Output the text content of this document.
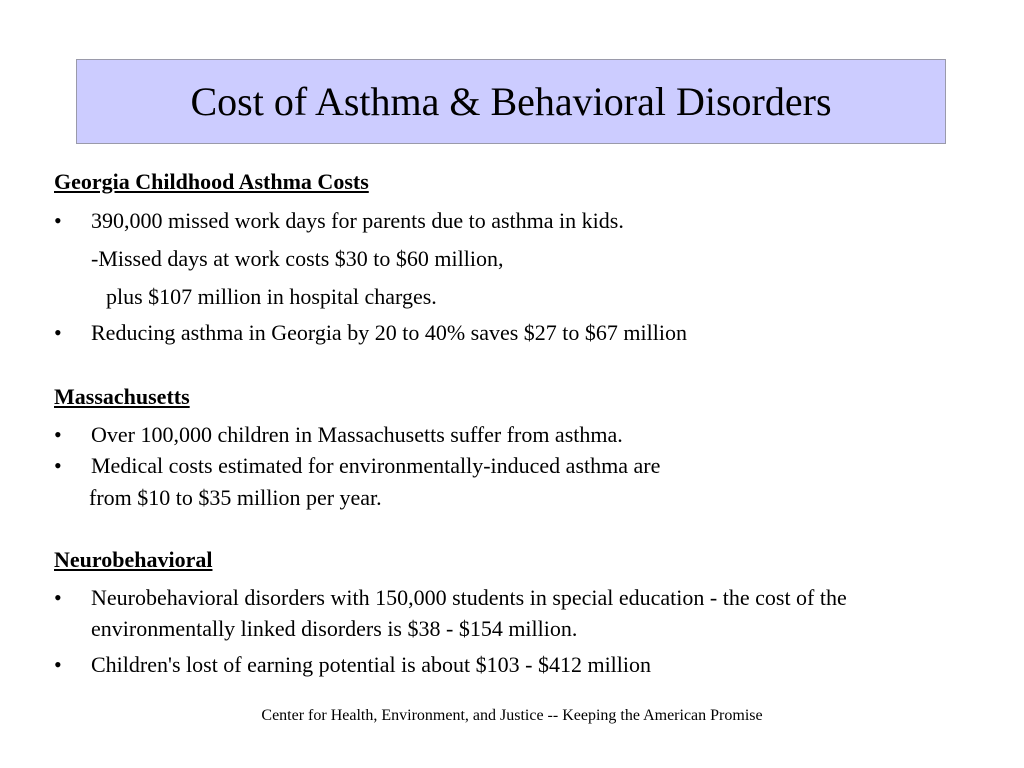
Cost of Asthma & Behavioral Disorders
Georgia Childhood Asthma Costs
• 390,000 missed work days for parents due to asthma in kids.
-Missed days at work costs $30 to $60 million,
plus $107 million in hospital charges.
• Reducing asthma in Georgia by 20 to 40% saves $27 to $67 million
Massachusetts
• Over 100,000 children in Massachusetts suffer from asthma.
• Medical costs estimated for environmentally-induced asthma are
from $10 to $35 million per year.
Neurobehavioral
• Neurobehavioral disorders with 150,000 students in special education - the cost of the environmentally linked disorders is $38 - $154 million.
• Children's lost of earning potential is about $103 - $412 million
Center for Health, Environment, and Justice -- Keeping the American Promise
